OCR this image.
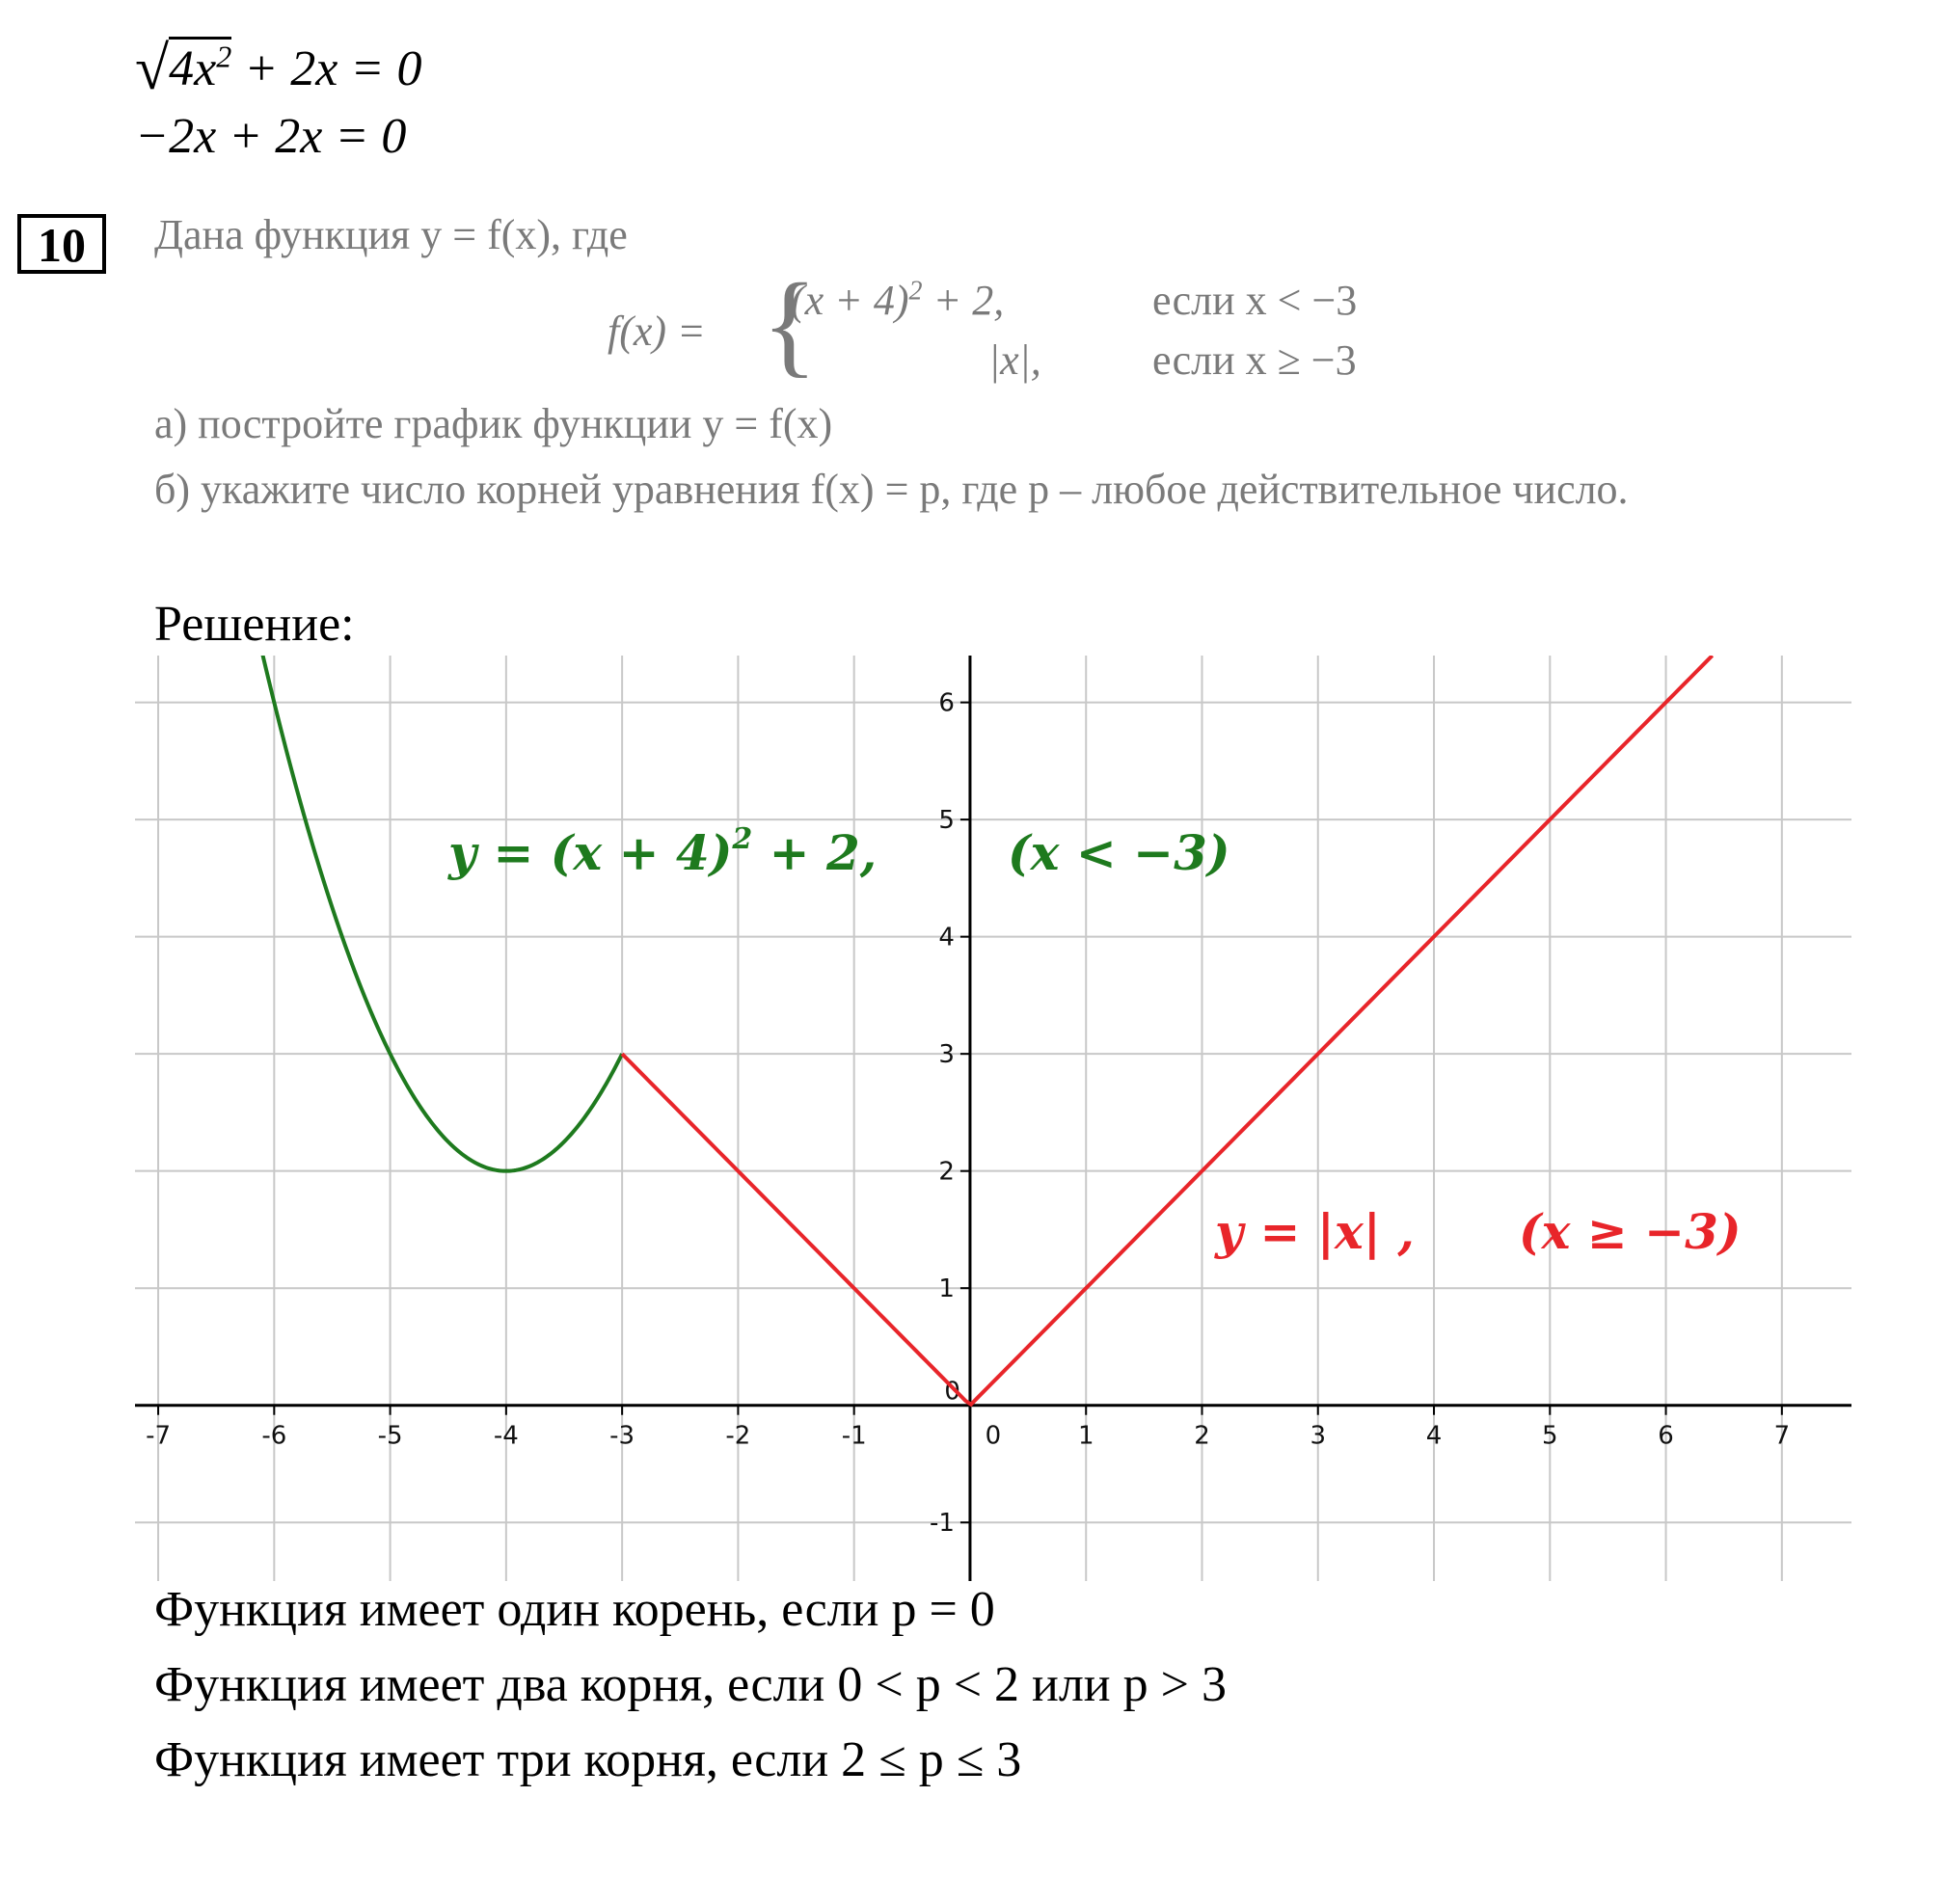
$√4x^2 + 2x = 0$
−2x + 2x = 0
10	Дана функция y = f(x), где
f(x) = {
$(x + 4)^2 + 2$,	если x < −3
|x|,	если x ≥ −3
а) постройте график функции y = f(x)
б) укажите число корней уравнения f(x) = p, где p – любое действительное число.
Решение:
-7	-6	-5	-4	-3	-2	-1	0	1	2	3	4	5	6	7
-1
0
1
2
3
4
5
6
$y = (x + 4)^2 + 2$,	(x < −3)
y = |x| , (x ≥ −3)
Функция имеет один корень, если p = 0
Функция имеет два корня, если 0 < p < 2 или p > 3
Функция имеет три корня, если 2 ≤ p ≤ 3
